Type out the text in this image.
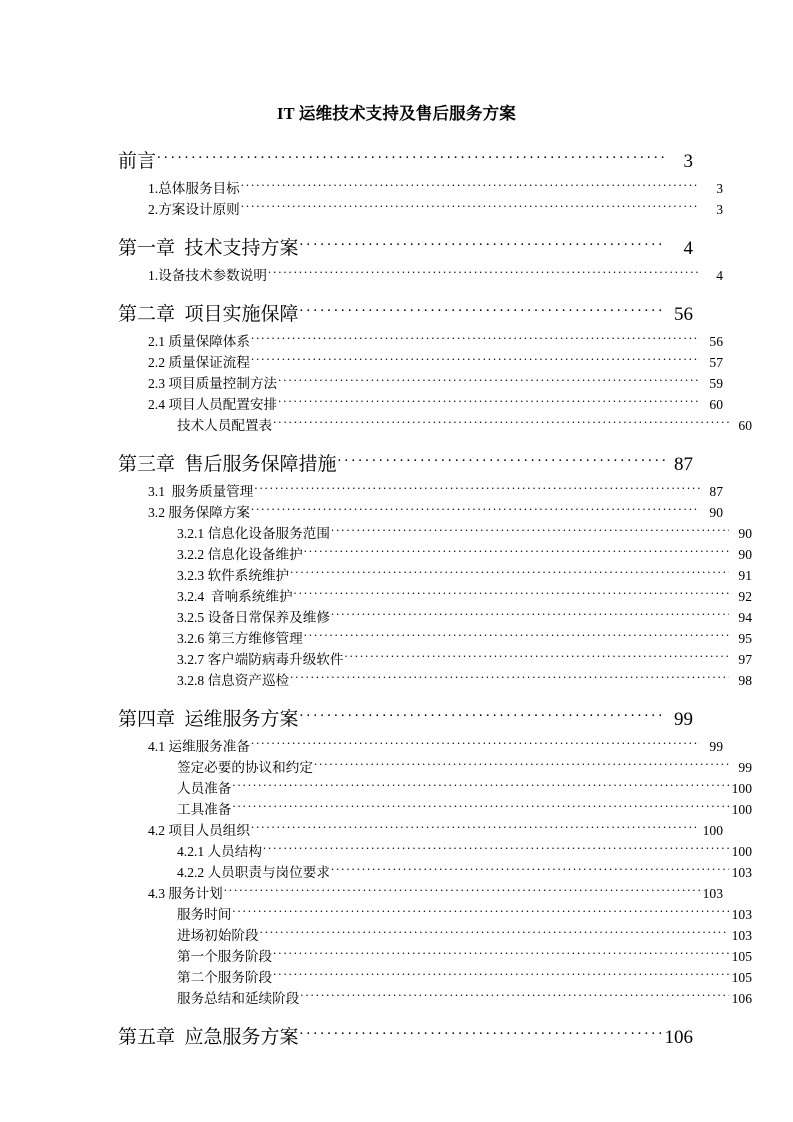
IT 运维技术支持及售后服务方案
前言 . . .	3
1.总体服务目标 . . .	3
2.方案设计原则 . . .	3
第一章  技术支持方案 . . .	4
1.设备技术参数说明 . . .	4
第二章  项目实施保障 . . .	56
2.1 质量保障体系 . . .	56
2.2 质量保证流程 . . .	57
2.3 项目质量控制方法 . . .	59
2.4 项目人员配置安排 . . .	60
技术人员配置表 . . .	60
第三章  售后服务保障措施 . . .	87
3.1  服务质量管理 . . .	87
3.2 服务保障方案 . . .	90
3.2.1 信息化设备服务范围 . . .	90
3.2.2 信息化设备维护 . . .	90
3.2.3 软件系统维护 . . .	91
3.2.4  音响系统维护 . . .	92
3.2.5 设备日常保养及维修 . . .	94
3.2.6 第三方维修管理 . . .	95
3.2.7 客户端防病毒升级软件 . . .	97
3.2.8 信息资产巡检 . . .	98
第四章  运维服务方案 . . .	99
4.1 运维服务准备 . . .	99
签定必要的协议和约定 . . .	99
人员准备 . . .	100
工具准备 . . .	100
4.2 项目人员组织 . . .	100
4.2.1 人员结构 . . .	100
4.2.2 人员职责与岗位要求 . . .	103
4.3 服务计划 . . .	103
服务时间 . . .	103
进场初始阶段 . . .	103
第一个服务阶段 . . .	105
第二个服务阶段 . . .	105
服务总结和延续阶段 . . .	106
第五章  应急服务方案 . . .	106
